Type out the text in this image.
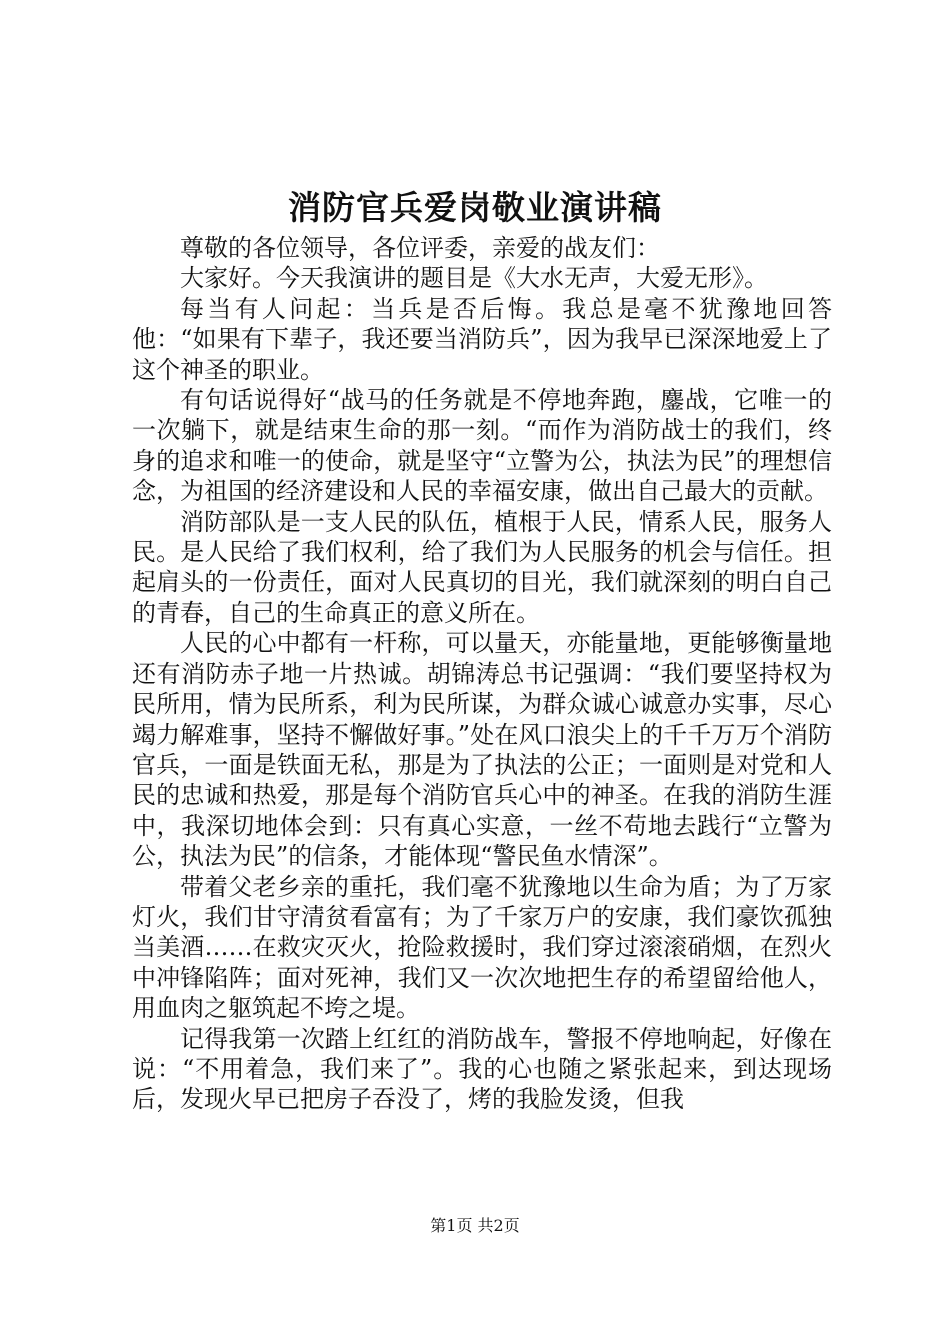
消防官兵爱岗敬业演讲稿

尊敬的各位领导，各位评委，亲爱的战友们：

大家好。今天我演讲的题目是《大水无声，大爱无形》。

每当有人问起：当兵是否后悔。我总是毫不犹豫地回答他：“如果有下辈子，我还要当消防兵”，因为我早已深深地爱上了这个神圣的职业。

有句话说得好“战马的任务就是不停地奔跑，鏖战，它唯一的一次躺下，就是结束生命的那一刻。“而作为消防战士的我们，终身的追求和唯一的使命，就是坚守“立警为公，执法为民”的理想信念，为祖国的经济建设和人民的幸福安康，做出自己最大的贡献。

消防部队是一支人民的队伍，植根于人民，情系人民，服务人民。是人民给了我们权利，给了我们为人民服务的机会与信任。担起肩头的一份责任，面对人民真切的目光，我们就深刻的明白自己的青春，自己的生命真正的意义所在。

人民的心中都有一杆称，可以量天，亦能量地，更能够衡量地还有消防赤子地一片热诚。胡锦涛总书记强调：“我们要坚持权为民所用，情为民所系，利为民所谋，为群众诚心诚意办实事，尽心竭力解难事，坚持不懈做好事。”处在风口浪尖上的千千万万个消防官兵，一面是铁面无私，那是为了执法的公正；一面则是对党和人民的忠诚和热爱，那是每个消防官兵心中的神圣。在我的消防生涯中，我深切地体会到：只有真心实意，一丝不苟地去践行“立警为公，执法为民”的信条，才能体现“警民鱼水情深”。

带着父老乡亲的重托，我们毫不犹豫地以生命为盾；为了万家灯火，我们甘守清贫看富有；为了千家万户的安康，我们豪饮孤独当美酒……在救灾灭火，抢险救援时，我们穿过滚滚硝烟，在烈火中冲锋陷阵；面对死神，我们又一次次地把生存的希望留给他人，用血肉之躯筑起不垮之堤。

记得我第一次踏上红红的消防战车，警报不停地响起，好像在说：“不用着急，我们来了”。我的心也随之紧张起来，到达现场后，发现火早已把房子吞没了，烤的我脸发烫，但我

第1页 共2页
